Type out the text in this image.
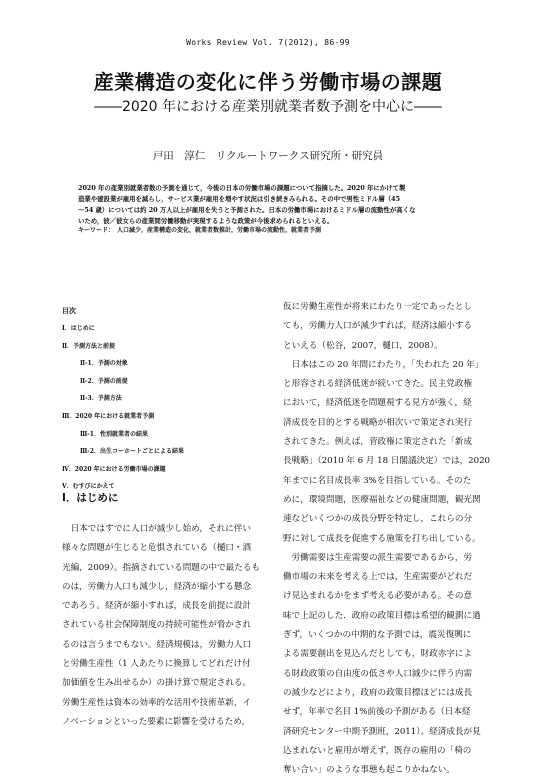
Works Review Vol. 7(2012), 86-99
産業構造の変化に伴う労働市場の課題
――2020 年における産業別就業者数予測を中心に――
戸田　淳仁　リクルートワークス研究所・研究員

2020 年の産業別就業者数の予測を通じて，今後の日本の労働市場の課題について指摘した。2020 年にかけて製

造業や建設業が雇用を減らし，サービス業が雇用を増やす状況は引き続きみられる。その中で男性ミドル層（45

～54 歳）については約 20 万人以上が雇用を失うと予測された。日本の労働市場におけるミドル層の流動性が高くな

いため，彼／彼女らの産業間労働移動が実現するような政策が今後求められるといえる。

キーワード：　人口減少，産業構造の変化，就業者数推計，労働市場の流動性，就業者予測
目次
Ⅰ．はじめに
Ⅱ．予測方法と前提
Ⅱ-1．予測の対象
Ⅱ-2．予測の前提
Ⅱ-3．予測方法
Ⅲ．2020 年における就業者予測
Ⅲ-1．性別就業者の結果
Ⅲ-2．出生コーホートごとによる結果
Ⅳ．2020 年における労働市場の課題
Ⅴ．むすびにかえて
Ⅰ．はじめに

　日本ではすでに人口が減少し始め，それに伴い

様々な問題が生じると危惧されている（樋口・酒

光編，2009）。指摘されている問題の中で最たるも

のは，労働力人口も減少し，経済が縮小する懸念

であろう。経済が縮小すれば，成長を前提に設計

されている社会保障制度の持続可能性が脅かされ

るのは言うまでもない。経済規模は，労働力人口

と労働生産性（1 人あたりに換算してどれだけ付

加価値を生み出せるか）の掛け算で規定される。

労働生産性は資本の効率的な活用や技術革新，イ

ノベーションといった要素に影響を受けるため，

仮に労働生産性が将来にわたり一定であったとし

ても，労働力人口が減少すれば，経済は縮小する

といえる（松谷，2007，樋口，2008）。

　日本はこの 20 年間にわたり，「失われた 20 年」

と形容される経済低迷が続いてきた。民主党政権

において，経済低迷を問題視する見方が強く，経

済成長を目的とする戦略が相次いで策定され実行

されてきた。例えば，菅政権に策定された「新成

長戦略」（2010 年 6 月 18 日閣議決定）では，2020

年までに名目成長率 3%を目指している。そのた

めに，環境問題，医療福祉などの健康問題，観光関

連などいくつかの成長分野を特定し，これらの分

野に対して成長を促進する施策を打ち出している。

　労働需要は生産需要の派生需要であるから，労

働市場の未来を考える上では，生産需要がどれだ

け見込まれるかをまず考える必要がある。その意

味で上記のした．政府の政策目標は希望的観測に過

ぎず，いくつかの中期的な予測では，震災復興に

よる需要創出を見込んだとしても，財政赤字によ

る財政政策の自由度の低さや人口減少に伴う内需

の減少などにより，政府の政策目標ほどには成長

せず，年率で名目 1%前後の予測がある（日本経

済研究センター中期予測班，2011）。経済成長が見

込まれないと雇用が増えず，既存の雇用の「椅の

奪い合い」のような事態も起こりかねない。
